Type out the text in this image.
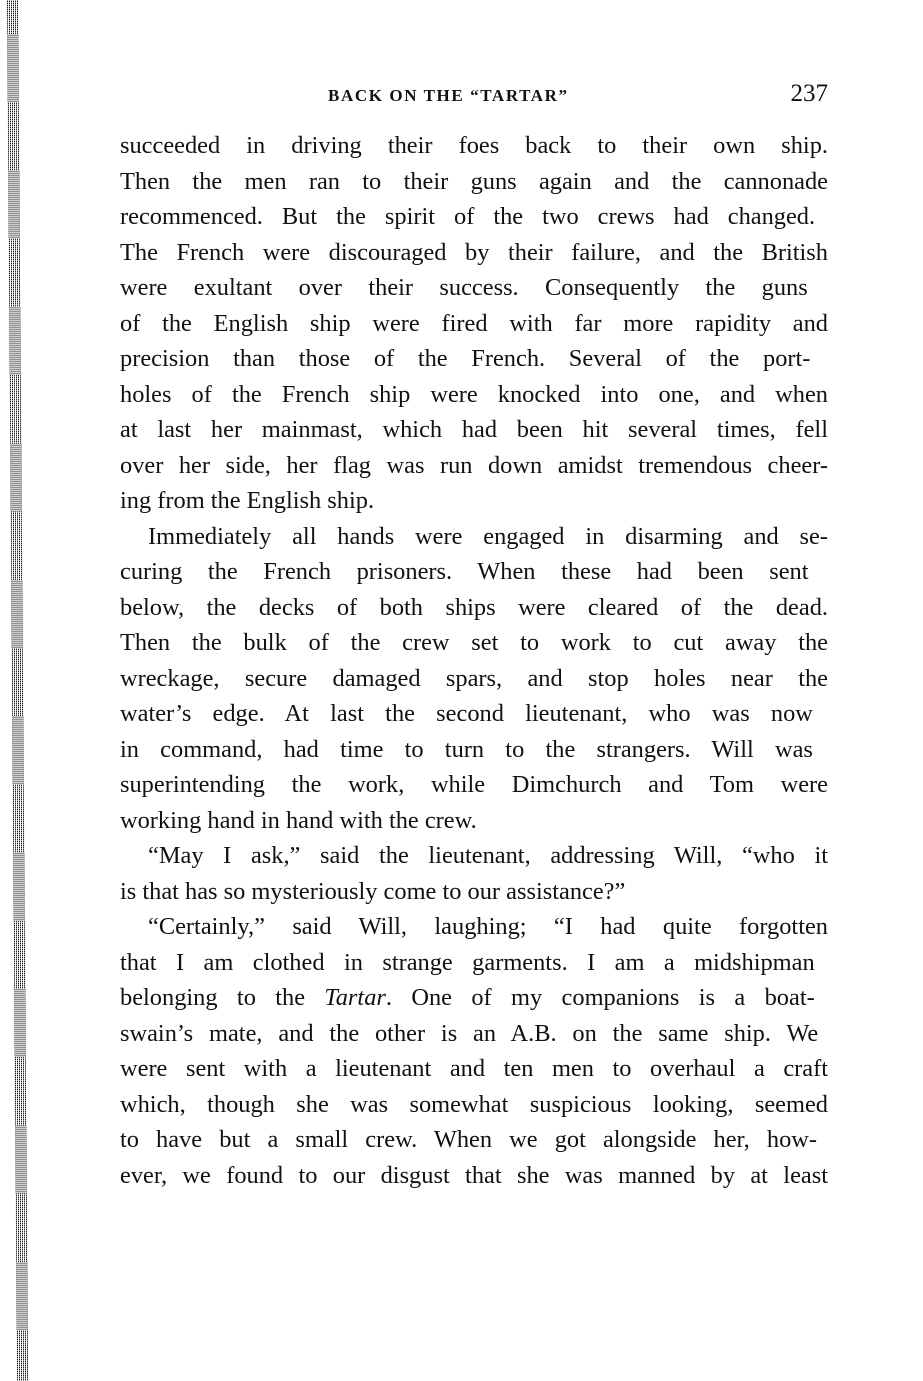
BACK ON THE “TARTAR”	237
succeeded in driving their foes back to their own ship.
Then the men ran to their guns again and the cannonade
recommenced. But the spirit of the two crews had changed.
The French were discouraged by their failure, and the British
were exultant over their success. Consequently the guns
of the English ship were fired with far more rapidity and
precision than those of the French. Several of the port-
holes of the French ship were knocked into one, and when
at last her mainmast, which had been hit several times, fell
over her side, her flag was run down amidst tremendous cheer-
ing from the English ship.
Immediately all hands were engaged in disarming and se-
curing the French prisoners. When these had been sent
below, the decks of both ships were cleared of the dead.
Then the bulk of the crew set to work to cut away the
wreckage, secure damaged spars, and stop holes near the
water’s edge. At last the second lieutenant, who was now
in command, had time to turn to the strangers. Will was
superintending the work, while Dimchurch and Tom were
working hand in hand with the crew.
“May I ask,” said the lieutenant, addressing Will, “who it
is that has so mysteriously come to our assistance?”
“Certainly,” said Will, laughing; “I had quite forgotten
that I am clothed in strange garments. I am a midshipman
belonging to the Tartar. One of my companions is a boat-
swain’s mate, and the other is an A.B. on the same ship. We
were sent with a lieutenant and ten men to overhaul a craft
which, though she was somewhat suspicious looking, seemed
to have but a small crew. When we got alongside her, how-
ever, we found to our disgust that she was manned by at least
